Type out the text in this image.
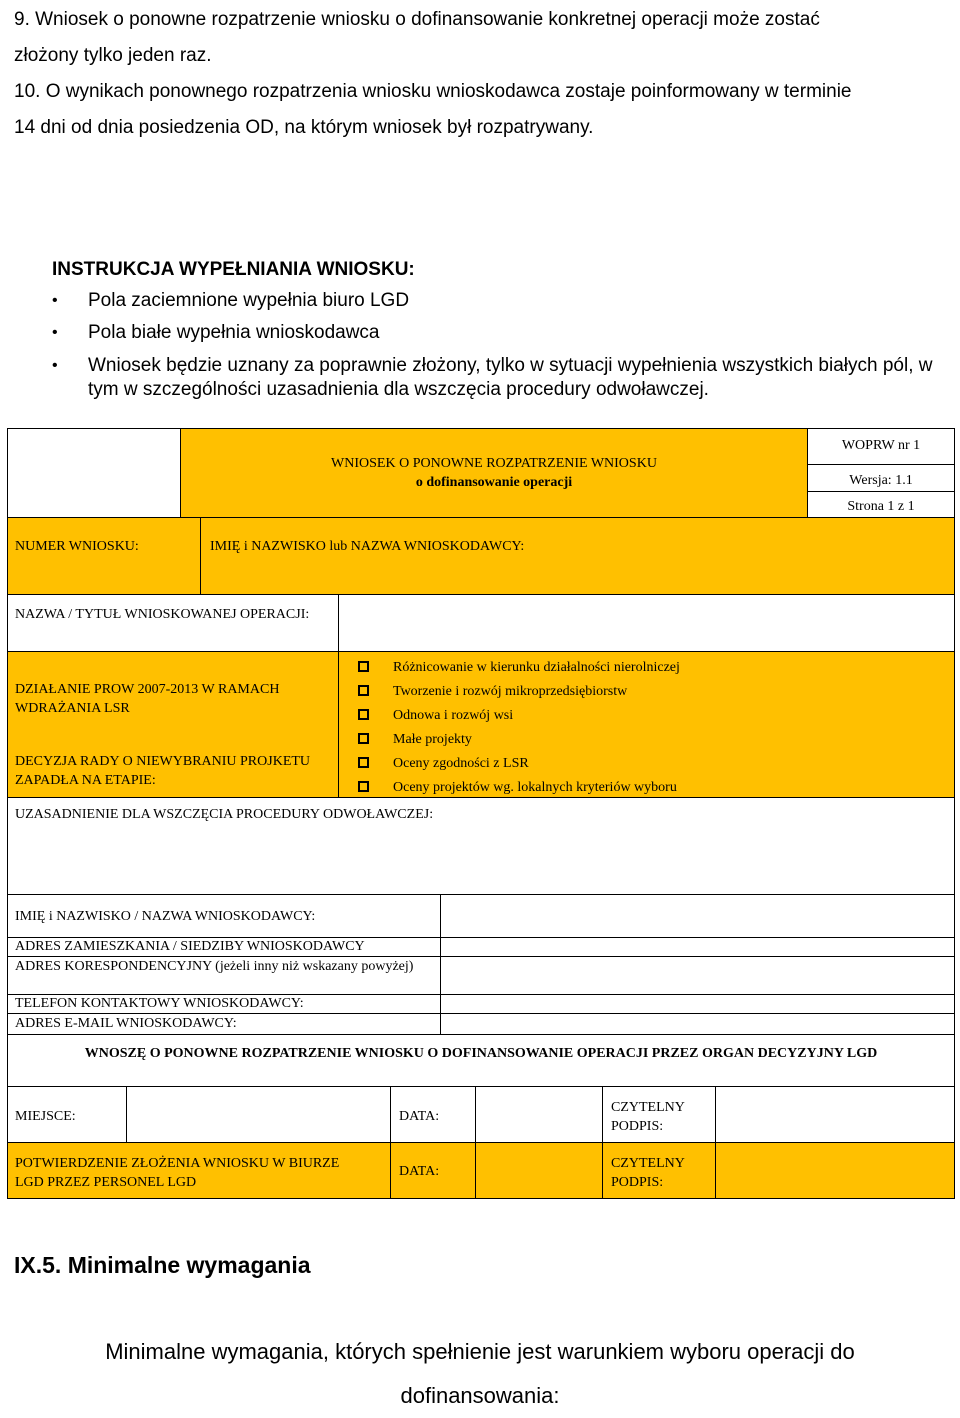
9. Wniosek o ponowne rozpatrzenie wniosku o dofinansowanie konkretnej operacji może zostać
złożony tylko jeden raz.
10. O wynikach ponownego rozpatrzenia wniosku wnioskodawca zostaje poinformowany w terminie
14 dni od dnia posiedzenia OD, na którym wniosek był rozpatrywany.
INSTRUKCJA WYPEŁNIANIA WNIOSKU:
• Pola zaciemnione wypełnia biuro LGD
• Pola białe wypełnia wnioskodawca
• Wniosek będzie uznany za poprawnie złożony, tylko w sytuacji wypełnienia wszystkich białych pól, w tym w szczególności uzasadnienia dla wszczęcia procedury odwoławczej.
WNIOSEK O PONOWNE ROZPATRZENIE WNIOSKU
o dofinansowanie operacji
WOPRW nr 1
Wersja: 1.1
Strona 1 z 1
NUMER WNIOSKU:	IMIĘ i NAZWISKO lub NAZWA WNIOSKODAWCY:
NAZWA / TYTUŁ WNIOSKOWANEJ OPERACJI:
DZIAŁANIE PROW 2007-2013 W RAMACH WDRAŻANIA LSR
DECYZJA RADY O NIEWYBRANIU PROJKETU ZAPADŁA NA ETAPIE:
Różnicowanie w kierunku działalności nierolniczej
Tworzenie i rozwój mikroprzedsiębiorstw
Odnowa i rozwój wsi
Małe projekty
Oceny zgodności z LSR
Oceny projektów wg. lokalnych kryteriów wyboru
UZASADNIENIE DLA WSZCZĘCIA PROCEDURY ODWOŁAWCZEJ:
IMIĘ i NAZWISKO / NAZWA WNIOSKODAWCY:
ADRES ZAMIESZKANIA / SIEDZIBY WNIOSKODAWCY
ADRES KORESPONDENCYJNY (jeżeli inny niż wskazany powyżej)
TELEFON KONTAKTOWY WNIOSKODAWCY:
ADRES E-MAIL WNIOSKODAWCY:
WNOSZĘ O PONOWNE ROZPATRZENIE WNIOSKU O DOFINANSOWANIE OPERACJI PRZEZ ORGAN DECYZYJNY LGD
MIEJSCE:	DATA:
CZYTELNY PODPIS:
POTWIERDZENIE ZŁOŻENIA WNIOSKU W BIURZE LGD PRZEZ PERSONEL LGD
DATA:
CZYTELNY PODPIS:
IX.5. Minimalne wymagania
Minimalne wymagania, których spełnienie jest warunkiem wyboru operacji do dofinansowania:
